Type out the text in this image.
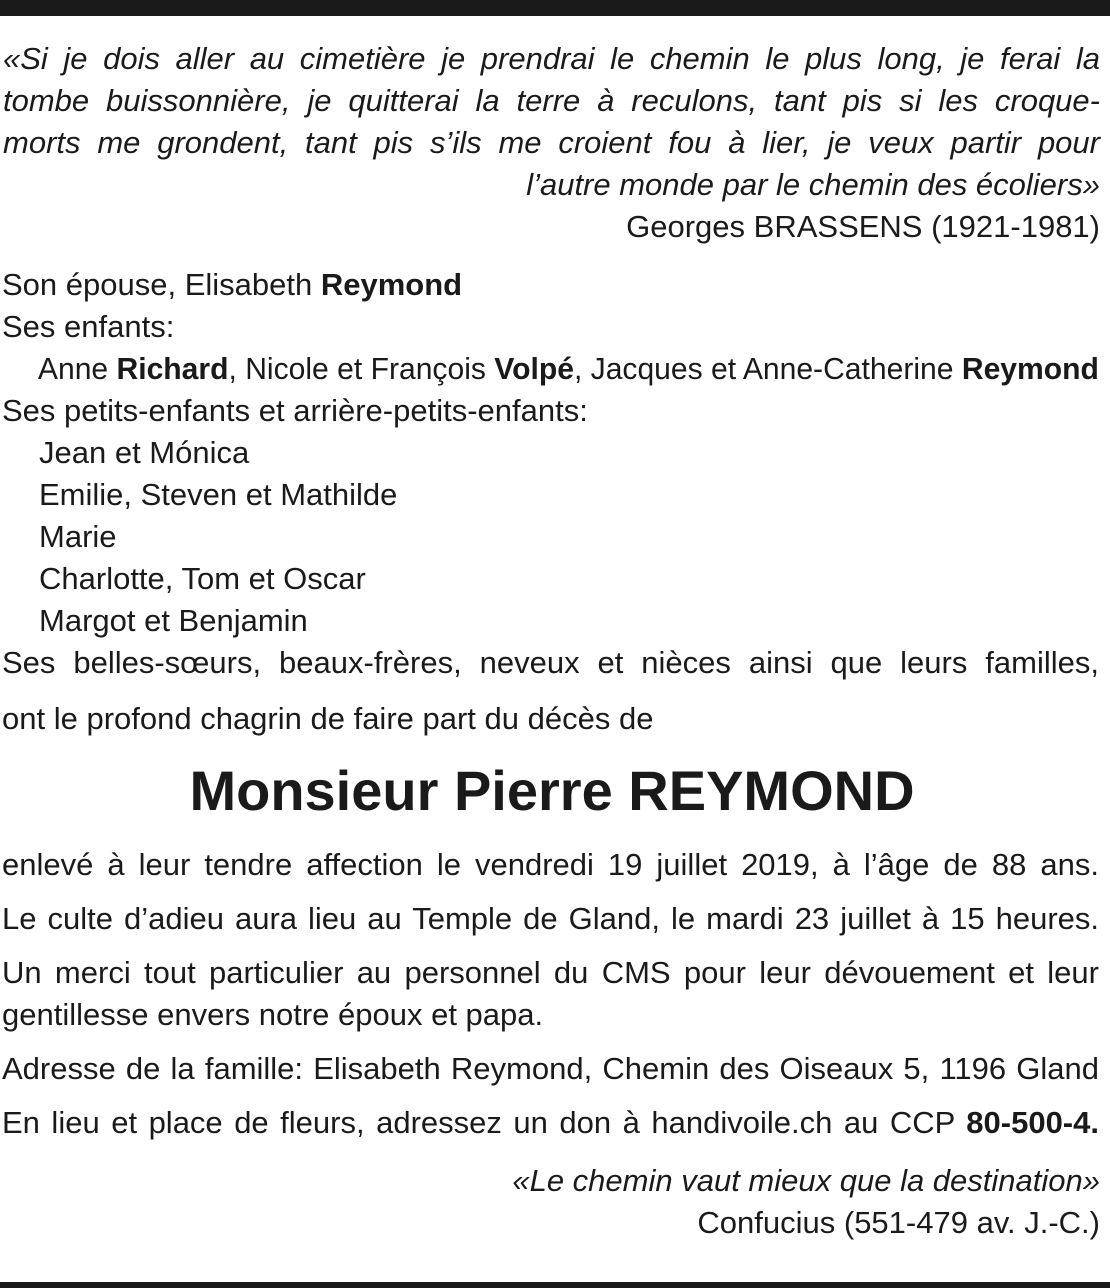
«Si je dois aller au cimetière je prendrai le chemin le plus long, je ferai la
tombe buissonnière, je quitterai la terre à reculons, tant pis si les croque-
morts me grondent, tant pis s’ils me croient fou à lier, je veux partir pour
l’autre monde par le chemin des écoliers»
Georges BRASSENS (1921-1981)
Son épouse, Elisabeth Reymond
Ses enfants:
Anne Richard, Nicole et François Volpé, Jacques et Anne-Catherine Reymond
Ses petits-enfants et arrière-petits-enfants:
Jean et Mónica
Emilie, Steven et Mathilde
Marie
Charlotte, Tom et Oscar
Margot et Benjamin
Ses belles-sœurs, beaux-frères, neveux et nièces ainsi que leurs familles,
ont le profond chagrin de faire part du décès de
Monsieur Pierre REYMOND
enlevé à leur tendre affection le vendredi 19 juillet 2019, à l’âge de 88 ans.
Le culte d’adieu aura lieu au Temple de Gland, le mardi 23 juillet à 15 heures.
Un merci tout particulier au personnel du CMS pour leur dévouement et leur
gentillesse envers notre époux et papa.
Adresse de la famille: Elisabeth Reymond, Chemin des Oiseaux 5, 1196 Gland
En lieu et place de fleurs, adressez un don à handivoile.ch au CCP 80-500-4.
«Le chemin vaut mieux que la destination»
Confucius (551-479 av. J.-C.)
